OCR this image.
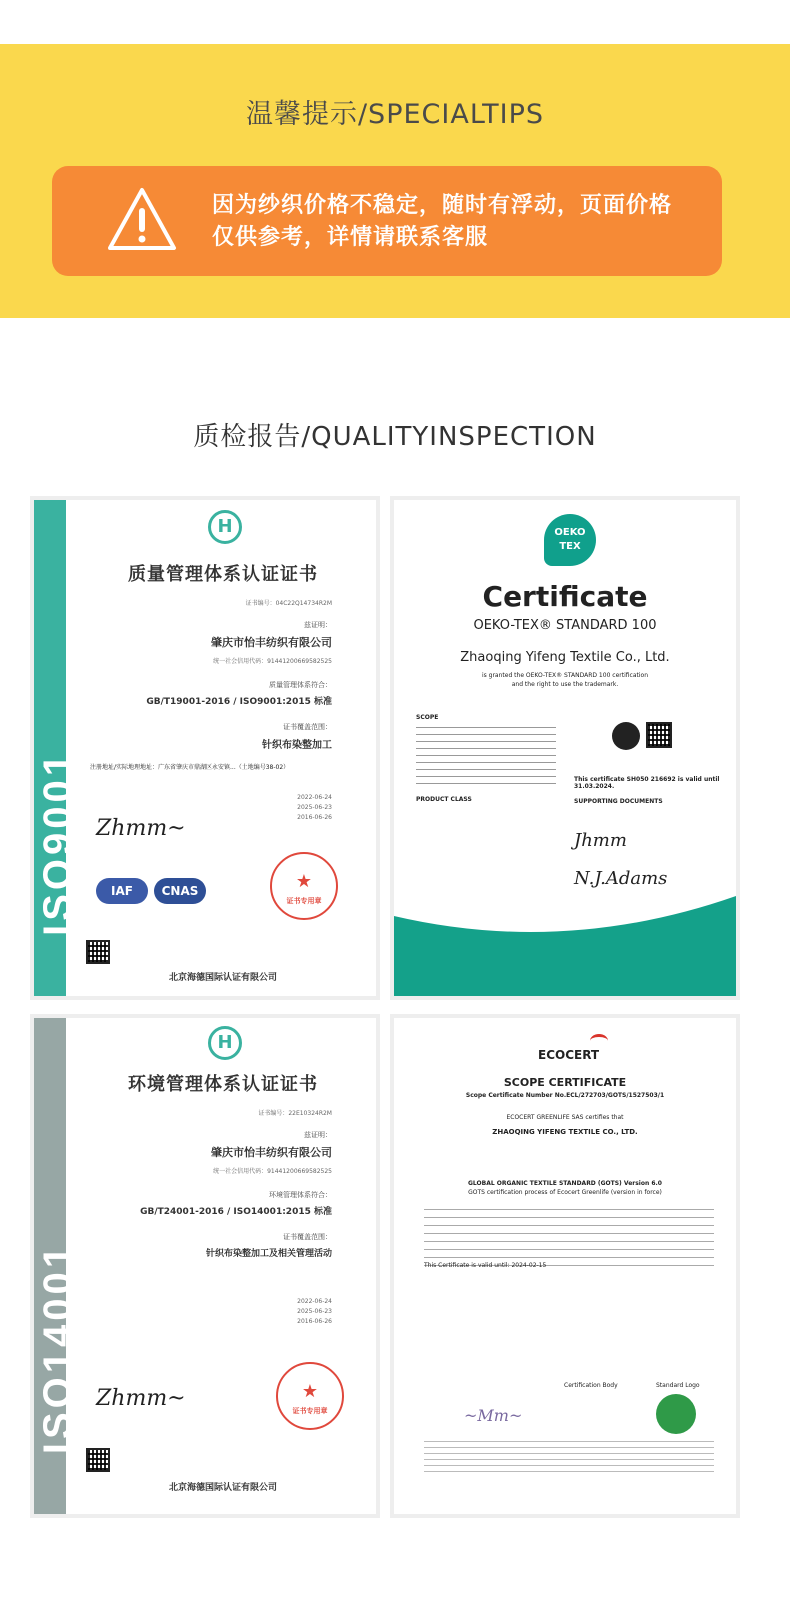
温馨提示/SPECIALTIPS
因为纱织价格不稳定，随时有浮动，页面价格
仅供参考，详情请联系客服
质检报告/QUALITYINSPECTION
ISO9001
H
质量管理体系认证证书
证书编号：04C22Q14734R2M
兹证明：
肇庆市怡丰纺织有限公司
统一社会信用代码：91441200669582525
质量管理体系符合：
GB/T19001-2016 / ISO9001:2015 标准
证书覆盖范围：
针织布染整加工
注册地址/实际地理地址：广东省肇庆市鼎湖区永安镇...（土地编号38-02）
2022-06-24
2025-06-23
2016-06-26
Zhmm~
IAF	CNAS	★
证书专用章
北京海德国际认证有限公司
OEKO TEX
Certificate
OEKO-TEX® STANDARD 100
Zhaoqing Yifeng Textile Co., Ltd.
is granted the OEKO-TEX® STANDARD 100 certification
and the right to use the trademark.
SCOPE
PRODUCT CLASS
This certificate SH050 216692 is valid until 31.03.2024.
SUPPORTING DOCUMENTS
Jhmm
N.J.Adams
ISO14001
H
环境管理体系认证证书
证书编号：22E10324R2M
兹证明：
肇庆市怡丰纺织有限公司
统一社会信用代码：91441200669582525
环境管理体系符合：
GB/T24001-2016 / ISO14001:2015 标准
证书覆盖范围：
针织布染整加工及相关管理活动
2022-06-24
2025-06-23
2016-06-26
Zhmm~	★
证书专用章
北京海德国际认证有限公司
ECOCERT
SCOPE CERTIFICATE
Scope Certificate Number No.ECL/272703/GOTS/1527503/1
ECOCERT GREENLIFE SAS certifies that
ZHAOQING YIFENG TEXTILE CO., LTD.
GLOBAL ORGANIC TEXTILE STANDARD (GOTS) Version 6.0
GOTS certification process of Ecocert Greenlife (version in force)
This Certificate is valid until: 2024-02-15
Certification Body	Standard Logo
~Mm~
